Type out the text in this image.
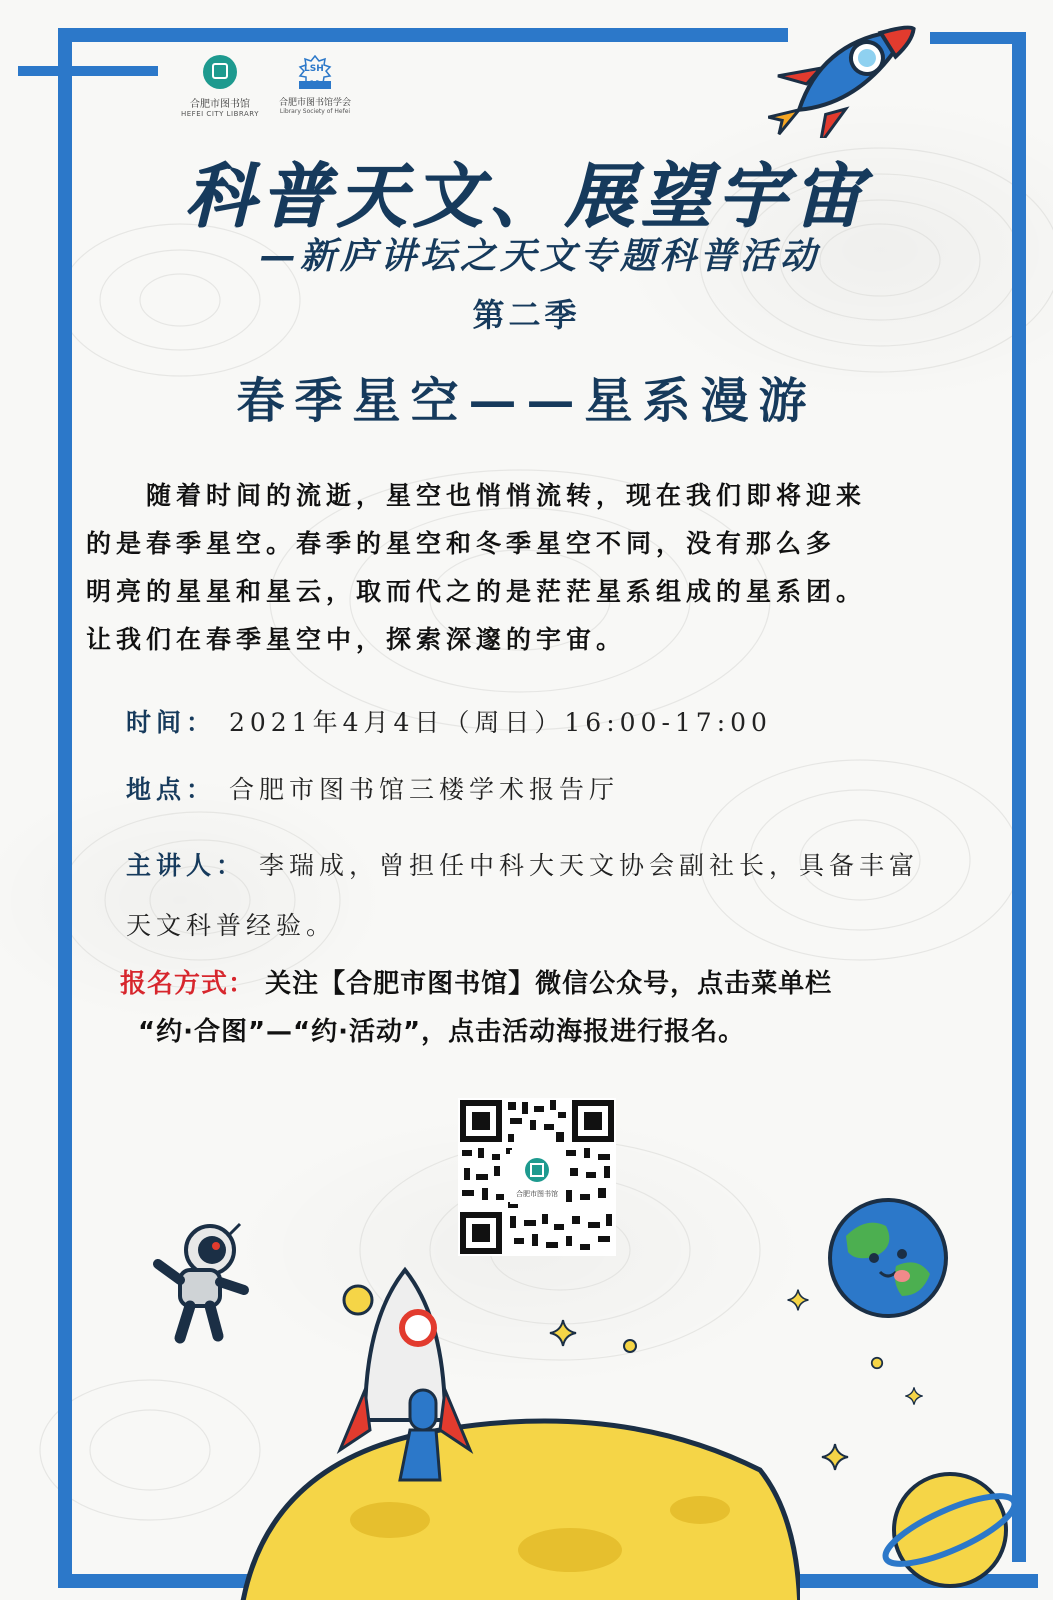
合肥市图书馆
HEFEI CITY LIBRARY
LSH
合肥市图书馆学会
Library Society of Hefei
科普天文、展望宇宙
—新庐讲坛之天文专题科普活动
第二季
春季星空——星系漫游
　　随着时间的流逝，星空也悄悄流转，现在我们即将迎来
的是春季星空。春季的星空和冬季星空不同，没有那么多
明亮的星星和星云，取而代之的是茫茫星系组成的星系团。
让我们在春季星空中，探索深邃的宇宙。
时间： 2021年4月4日（周日）16:00-17:00
地点： 合肥市图书馆三楼学术报告厅
主讲人： 李瑞成，曾担任中科大天文协会副社长，具备丰富
天文科普经验。
报名方式： 关注【合肥市图书馆】微信公众号，点击菜单栏
“约·合图”—“约·活动”，点击活动海报进行报名。
合肥市图书馆
